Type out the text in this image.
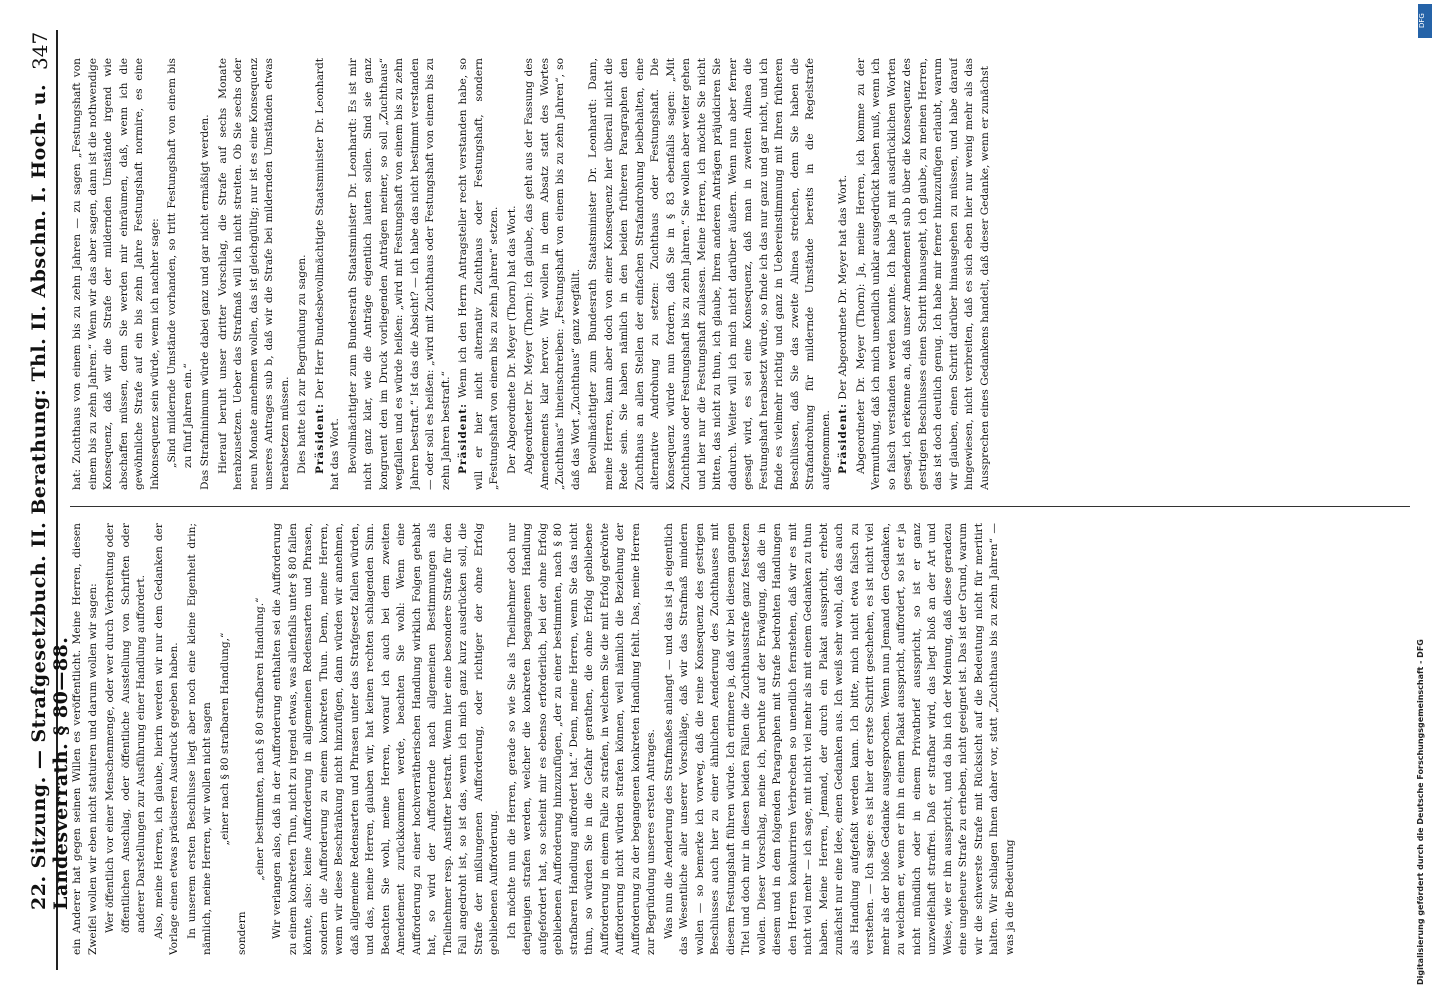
22. Sitzung. — Strafgesetzbuch. II. Berathung: Thl. II. Abschn. I. Hoch- u. Landesverrath. § 80—88.
347

ein Anderer hat gegen seinen Willen es veröffentlicht. Meine Herren, diesen Zweifel wollen wir eben nicht statuiren und darum wollen wir sagen: Wer öffentlich vor einer Menschenmenge, oder wer durch Verbreitung oder öffentlichen Anschlag, oder öffentliche Ausstellung von Schriften oder anderer Darstellungen zur Ausführung einer Handlung auffordert. Also, meine Herren, ich glaube, hierin werden wir nur dem Gedanken der Vorlage einen etwas präciseren Ausdruck gegeben haben. In unserem ersten Beschlusse liegt aber noch eine kleine Eigenheit drin; nämlich, meine Herren, wir wollen nicht sagen „einer nach § 80 strafbaren Handlung,“

sondern

„einer bestimmten, nach § 80 strafbaren Handlung.“ Wir verlangen also, daß in der Aufforderung enthalten sei die Aufforderung zu einem konkreten Thun, nicht zu irgend etwas, was allenfalls unter § 80 fallen könnte, also: keine Aufforderung in allgemeinen Redensarten und Phrasen, sondern die Aufforderung zu einem konkreten Thun. Denn, meine Herren, wenn wir diese Beschränkung nicht hinzufügen, dann würden wir annehmen, daß allgemeine Redensarten und Phrasen unter das Strafgesetz fallen würden, und das, meine Herren, glauben wir, hat keinen rechten schlagenden Sinn. Beachten Sie wohl, meine Herren, worauf ich auch bei dem zweiten Amendement zurückkommen werde, beachten Sie wohl: Wenn eine Aufforderung zu einer hochverrätherischen Handlung wirklich Folgen gehabt hat, so wird der Auffordernde nach allgemeinen Bestimmungen als Theilnehmer resp. Anstifter bestraft. Wenn hier eine besondere Strafe für den Fall angedroht ist, so ist das, wenn ich mich ganz kurz ausdrücken soll, die Strafe der mißlungenen Aufforderung, oder richtiger der ohne Erfolg gebliebenen Aufforderung. Ich möchte nun die Herren, gerade so wie Sie als Theilnehmer doch nur denjenigen strafen werden, welcher die konkreten begangenen Handlung aufgefordert hat, so scheint mir es ebenso erforderlich, bei der ohne Erfolg gebliebenen Aufforderung hinzuzufügen, „der zu einer bestimmten, nach § 80 strafbaren Handlung auffordert hat.“ Denn, meine Herren, wenn Sie das nicht thun, so würden Sie in die Gefahr gerathen, die ohne Erfolg gebliebene Aufforderung in einem Falle zu strafen, in welchem Sie die mit Erfolg gekrönte Aufforderung nicht würden strafen können, weil nämlich die Beziehung der Aufforderung zu der begangenen konkreten Handlung fehlt. Das, meine Herren zur Begründung unseres ersten Antrages. Was nun die Aenderung des Strafmaßes anlangt — und das ist ja eigentlich das Wesentliche aller unserer Vorschläge, daß wir das Strafmaß mindern wollen — so bemerke ich vorweg, daß die reine Konsequenz des gestrigen Beschlusses auch hier zu einer ähnlichen Aenderung des Zuchthauses mit diesem Festungshaft führen würde. Ich erinnere ja, daß wir bei diesem gangen Titel und doch mir in diesen beiden Fällen die Zuchthausstrafe ganz festsetzen wollen. Dieser Vorschlag, meine ich, beruhte auf der Erwägung, daß die in diesem und in dem folgenden Paragraphen mit Strafe bedrohten Handlungen den Herren konkurriren Verbrechen so unendlich fernstehen, daß wir es mit nicht viel mehr — ich sage, mit nicht viel mehr als mit einem Gedanken zu thun haben. Meine Herren, Jemand, der durch ein Plakat ausspricht, erhebt zunächst nur eine Idee, einen Gedanken aus. Ich weiß sehr wohl, daß das auch als Handlung aufgefaßt werden kann. Ich bitte, mich nicht etwa falsch zu verstehen. — Ich sage: es ist hier der erste Schritt geschehen, es ist nicht viel mehr als der bloße Gedanke ausgesprochen. Wenn nun Jemand den Gedanken, zu welchem er, wenn er ihn in einem Plakat ausspricht, auffordert, so ist er ja nicht mündlich oder in einem Privatbrief ausspricht, so ist er ganz unzweifelhaft straffrei. Daß er strafbar wird, das liegt bloß an der Art und Weise, wie er ihn ausspricht, und da bin ich der Meinung, daß diese geradezu eine ungeheure Strafe zu erheben, nicht geeignet ist. Das ist der Grund, warum wir die schwerste Strafe mit Rücksicht auf die Bedeutung nicht für meritirt halten. Wir schlagen Ihnen daher vor, statt „Zuchthaus bis zu zehn Jahren“ — was ja die Bedeutung

hat: Zuchthaus von einem bis zu zehn Jahren — zu sagen „Festungshaft von einem bis zu zehn Jahren.“ Wenn wir das aber sagen, dann ist die nothwendige Konsequenz, daß wir die Strafe der mildernden Umstände irgend wie abschaffen müssen, denn Sie werden mir einräumen, daß, wenn ich die gewöhnliche Strafe auf ein bis zehn Jahre Festungshaft normire, es eine Inkonsequenz sein würde, wenn ich nachher sage: „Sind mildernde Umstände vorhanden, so tritt Festungshaft von einem bis zu fünf Jahren ein.“ Das Strafminimum würde dabei ganz und gar nicht ermäßigt werden. Hierauf beruht unser dritter Vorschlag, die Strafe auf sechs Monate herabzusetzen. Ueber das Strafmaß will ich nicht streiten. Ob Sie sechs oder neun Monate annehmen wollen, das ist gleichgültig; nur ist es eine Konsequenz unseres Antrages sub b, daß wir die Strafe bei mildernden Umständen etwas herabsetzen müssen. Dies hatte ich zur Begründung zu sagen. Präsident: Der Herr Bundesbevollmächtigte Staatsminister Dr. Leonhardt hat das Wort. Bevollmächtigter zum Bundesrath Staatsminister Dr. Leonhardt: Es ist mir nicht ganz klar, wie die Anträge eigentlich lauten sollen. Sind sie ganz kongruent den im Druck vorliegenden Anträgen meiner, so soll „Zuchthaus“ wegfallen und es würde heißen: „wird mit Festungshaft von einem bis zu zehn Jahren bestraft.“ Ist das die Absicht? — ich habe das nicht bestimmt verstanden — oder soll es heißen: „wird mit Zuchthaus oder Festungshaft von einem bis zu zehn Jahren bestraft.“ Präsident: Wenn ich den Herrn Antragsteller recht verstanden habe, so will er hier nicht alternativ Zuchthaus oder Festungshaft, sondern „Festungshaft von einem bis zu zehn Jahren“ setzen. Der Abgeordnete Dr. Meyer (Thorn) hat das Wort. Abgeordneter Dr. Meyer (Thorn): Ich glaube, das geht aus der Fassung des Amendements klar hervor. Wir wollen in dem Absatz statt des Wortes „Zuchthaus“ hineinschreiben: „Festungshaft von einem bis zu zehn Jahren“, so daß das Wort „Zuchthaus“ ganz wegfällt. Bevollmächtigter zum Bundesrath Staatsminister Dr. Leonhardt: Dann, meine Herren, kann aber doch von einer Konsequenz hier überall nicht die Rede sein. Sie haben nämlich in den beiden früheren Paragraphen den Zuchthaus an allen Stellen der einfachen Strafandrohung beibehalten, eine alternative Androhung zu setzen: Zuchthaus oder Festungshaft. Die Konsequenz würde nun fordern, daß Sie in § 83 ebenfalls sagen: „Mit Zuchthaus oder Festungshaft bis zu zehn Jahren.“ Sie wollen aber weiter gehen und hier nur die Festungshaft zulassen. Meine Herren, ich möchte Sie nicht bitten, das nicht zu thun, ich glaube, Ihren anderen Anträgen präjudiciren Sie dadurch. Weiter will ich mich nicht darüber äußern. Wenn nun aber ferner gesagt wird, es sei eine Konsequenz, daß man in zweiten Alinea die Festungshaft herabsetzt würde, so finde ich das nur ganz und gar nicht, und ich finde es vielmehr richtig und ganz in Uebereinstimmung mit Ihren früheren Beschlüssen, daß Sie das zweite Alinea streichen, denn Sie haben die Strafandrohung für mildernde Umstände bereits in die Regelstrafe aufgenommen. Präsident: Der Abgeordnete Dr. Meyer hat das Wort. Abgeordneter Dr. Meyer (Thorn): Ja, meine Herren, ich komme zu der Vermuthung, daß ich mich unendlich unklar ausgedrückt haben muß, wenn ich so falsch verstanden werden konnte. Ich habe ja mit ausdrücklichen Worten gesagt, ich erkenne an, daß unser Amendement sub b über die Konsequenz des gestrigen Beschlusses einen Schritt hinausgeht, ich glaube, zu meinen Herren, das ist doch deutlich genug. Ich habe mir ferner hinzuzufügen erlaubt, warum wir glauben, einen Schritt darüber hinausgehen zu müssen, und habe darauf hingewiesen, nicht verbreiten, daß es sich eben hier nur wenig mehr als das Aussprechen eines Gedankens handelt, daß dieser Gedanke, wenn er zunächst

Digitalisierung gefördert durch die Deutsche Forschungsgemeinschaft - DFG
DFG
